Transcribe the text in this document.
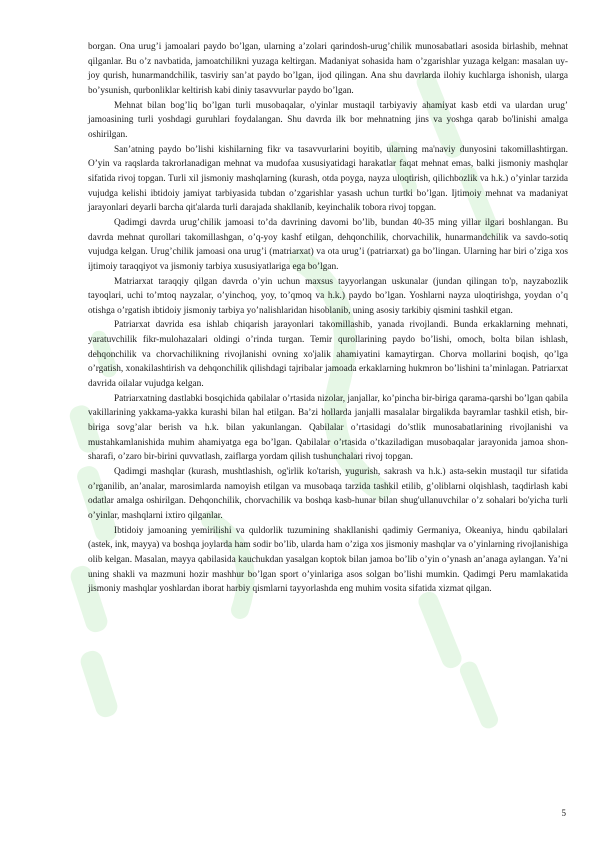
borgan. Ona urug’i jamoalari paydo bo’lgan, ularning a’zolari qarindosh-urug’chilik munosabatlari asosida birlashib, mehnat qilganlar. Bu o’z navbatida, jamoatchilikni yuzaga keltirgan. Madaniyat sohasida ham o’zgarishlar yuzaga kelgan: masalan uy-joy qurish, hunarmandchilik, tasviriy san’at paydo bo’lgan, ijod qilingan. Ana shu davrlarda ilohiy kuchlarga ishonish, ularga bo’ysunish, qurbonliklar keltirish kabi diniy tasavvurlar paydo bo’lgan.

Mehnat bilan bog’liq bo’lgan turli musobaqalar, o'yinlar mustaqil tarbiyaviy ahamiyat kasb etdi va ulardan urug’ jamoasining turli yoshdagi guruhlari foydalangan. Shu davrda ilk bor mehnatning jins va yoshga qarab bo'linishi amalga oshirilgan.

San’atning paydo bo’lishi kishilarning fikr va tasavvurlarini boyitib, ularning ma'naviy dunyosini takomillashtirgan. O’yin va raqslarda takrorlanadigan mehnat va mudofaa xususiyatidagi harakatlar faqat mehnat emas, balki jismoniy mashqlar sifatida rivoj topgan. Turli xil jismoniy mashqlarning (kurash, otda poyga, nayza uloqtirish, qilichbozlik va h.k.) o’yinlar tarzida vujudga kelishi ibtidoiy jamiyat tarbiyasida tubdan o’zgarishlar yasash uchun turtki bo’lgan. Ijtimoiy mehnat va madaniyat jarayonlari deyarli barcha qit'alarda turli darajada shakllanib, keyinchalik tobora rivoj topgan.

Qadimgi davrda urug’chilik jamoasi to’da davrining davomi bo’lib, bundan 40-35 ming yillar ilgari boshlangan. Bu davrda mehnat qurollari takomillashgan, o’q-yoy kashf etilgan, dehqonchilik, chorvachilik, hunarmandchilik va savdo-sotiq vujudga kelgan. Urug’chilik jamoasi ona urug’i (matriarxat) va ota urug’i (patriarxat) ga bo’lingan. Ularning har biri o’ziga xos ijtimoiy taraqqiyot va jismoniy tarbiya xususiyatlariga ega bo’lgan.

Matriarxat taraqqiy qilgan davrda o’yin uchun maxsus tayyorlangan uskunalar (jundan qilingan to'p, nayzabozlik tayoqlari, uchi to’mtoq nayzalar, o’yinchoq, yoy, to’qmoq va h.k.) paydo bo’lgan. Yoshlarni nayza uloqtirishga, yoydan o’q otishga o’rgatish ibtidoiy jismoniy tarbiya yo’nalishlaridan hisoblanib, uning asosiy tarkibiy qismini tashkil etgan.

Patriarxat davrida esa ishlab chiqarish jarayonlari takomillashib, yanada rivojlandi. Bunda erkaklarning mehnati, yaratuvchilik fikr-mulohazalari oldingi o’rinda turgan. Temir qurollarining paydo bo’lishi, omoch, bolta bilan ishlash, dehqonchilik va chorvachilikning rivojlanishi ovning xo'jalik ahamiyatini kamaytirgan. Chorva mollarini boqish, qo’lga o’rgatish, xonakilashtirish va dehqonchilik qilishdagi tajribalar jamoada erkaklarning hukmron bo’lishini ta’minlagan. Patriarxat davrida oilalar vujudga kelgan.

Patriarxatning dastlabki bosqichida qabilalar o’rtasida nizolar, janjallar, ko’pincha bir-biriga qarama-qarshi bo’lgan qabila vakillarining yakkama-yakka kurashi bilan hal etilgan. Ba’zi hollarda janjalli masalalar birgalikda bayramlar tashkil etish, bir-biriga sovg’alar berish va h.k. bilan yakunlangan. Qabilalar o’rtasidagi do’stlik munosabatlarining rivojlanishi va mustahkamlanishida muhim ahamiyatga ega bo’lgan. Qabilalar o’rtasida o’tkaziladigan musobaqalar jarayonida jamoa shon-sharafi, o’zaro bir-birini quvvatlash, zaiflarga yordam qilish tushunchalari rivoj topgan.

Qadimgi mashqlar (kurash, mushtlashish, og'irlik ko'tarish, yugurish, sakrash va h.k.) asta-sekin mustaqil tur sifatida o’rganilib, an’analar, marosimlarda namoyish etilgan va musobaqa tarzida tashkil etilib, g’oliblarni olqishlash, taqdirlash kabi odatlar amalga oshirilgan. Dehqonchilik, chorvachilik va boshqa kasb-hunar bilan shug'ullanuvchilar o’z sohalari bo'yicha turli o’yinlar, mashqlarni ixtiro qilganlar.

Ibtidoiy jamoaning yemirilishi va quldorlik tuzumining shakllanishi qadimiy Germaniya, Okeaniya, hindu qabilalari (astek, ink, mayya) va boshqa joylarda ham sodir bo’lib, ularda ham o’ziga xos jismoniy mashqlar va o’yinlarning rivojlanishiga olib kelgan. Masalan, mayya qabilasida kauchukdan yasalgan koptok bilan jamoa bo’lib o’yin o’ynash an’anaga aylangan. Ya’ni uning shakli va mazmuni hozir mashhur bo’lgan sport o’yinlariga asos solgan bo’lishi mumkin. Qadimgi Peru mamlakatida jismoniy mashqlar yoshlardan iborat harbiy qismlarni tayyorlashda eng muhim vosita sifatida xizmat qilgan.

5
